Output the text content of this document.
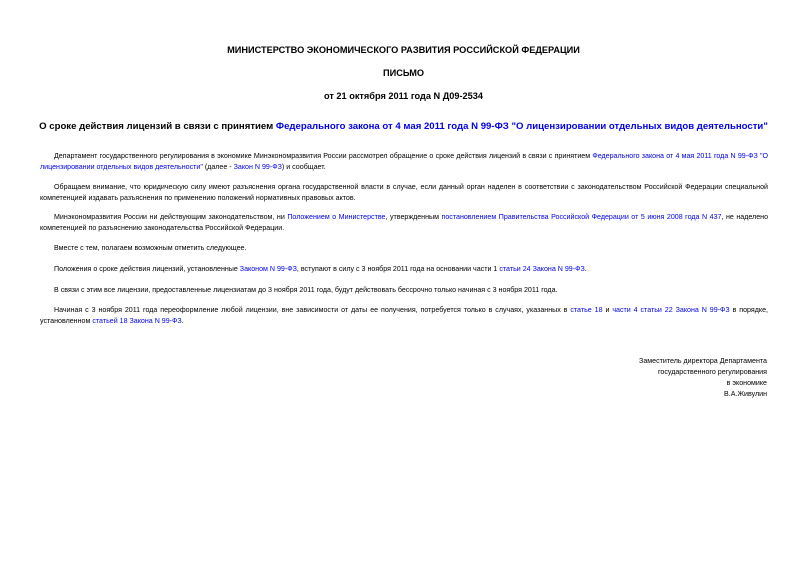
МИНИСТЕРСТВО ЭКОНОМИЧЕСКОГО РАЗВИТИЯ РОССИЙСКОЙ ФЕДЕРАЦИИ
ПИСЬМО
от 21 октября 2011 года N Д09-2534
О сроке действия лицензий в связи с принятием Федерального закона от 4 мая 2011 года N 99-ФЗ "О лицензировании отдельных видов деятельности"
Департамент государственного регулирования в экономике Минэкономразвития России рассмотрел обращение о сроке действия лицензий в связи с принятием Федерального закона от 4 мая 2011 года N 99-ФЗ "О лицензировании отдельных видов деятельности" (далее - Закон N 99-ФЗ) и сообщает.
Обращаем внимание, что юридическую силу имеют разъяснения органа государственной власти в случае, если данный орган наделен в соответствии с законодательством Российской Федерации специальной компетенцией издавать разъяснения по применению положений нормативных правовых актов.
Минэкономразвития России ни действующим законодательством, ни Положением о Министерстве, утвержденным постановлением Правительства Российской Федерации от 5 июня 2008 года N 437, не наделено компетенцией по разъяснению законодательства Российской Федерации.
Вместе с тем, полагаем возможным отметить следующее.
Положения о сроке действия лицензий, установленные Законом N 99-ФЗ, вступают в силу с 3 ноября 2011 года на основании части 1 статьи 24 Закона N 99-ФЗ.
В связи с этим все лицензии, предоставленные лицензиатам до 3 ноября 2011 года, будут действовать бессрочно только начиная с 3 ноября 2011 года.
Начиная с 3 ноября 2011 года переоформление любой лицензии, вне зависимости от даты ее получения, потребуется только в случаях, указанных в статье 18 и части 4 статьи 22 Закона N 99-ФЗ в порядке, установленном статьей 18 Закона N 99-ФЗ.
Заместитель директора Департамента
государственного регулирования
в экономике
В.А.Живулин
